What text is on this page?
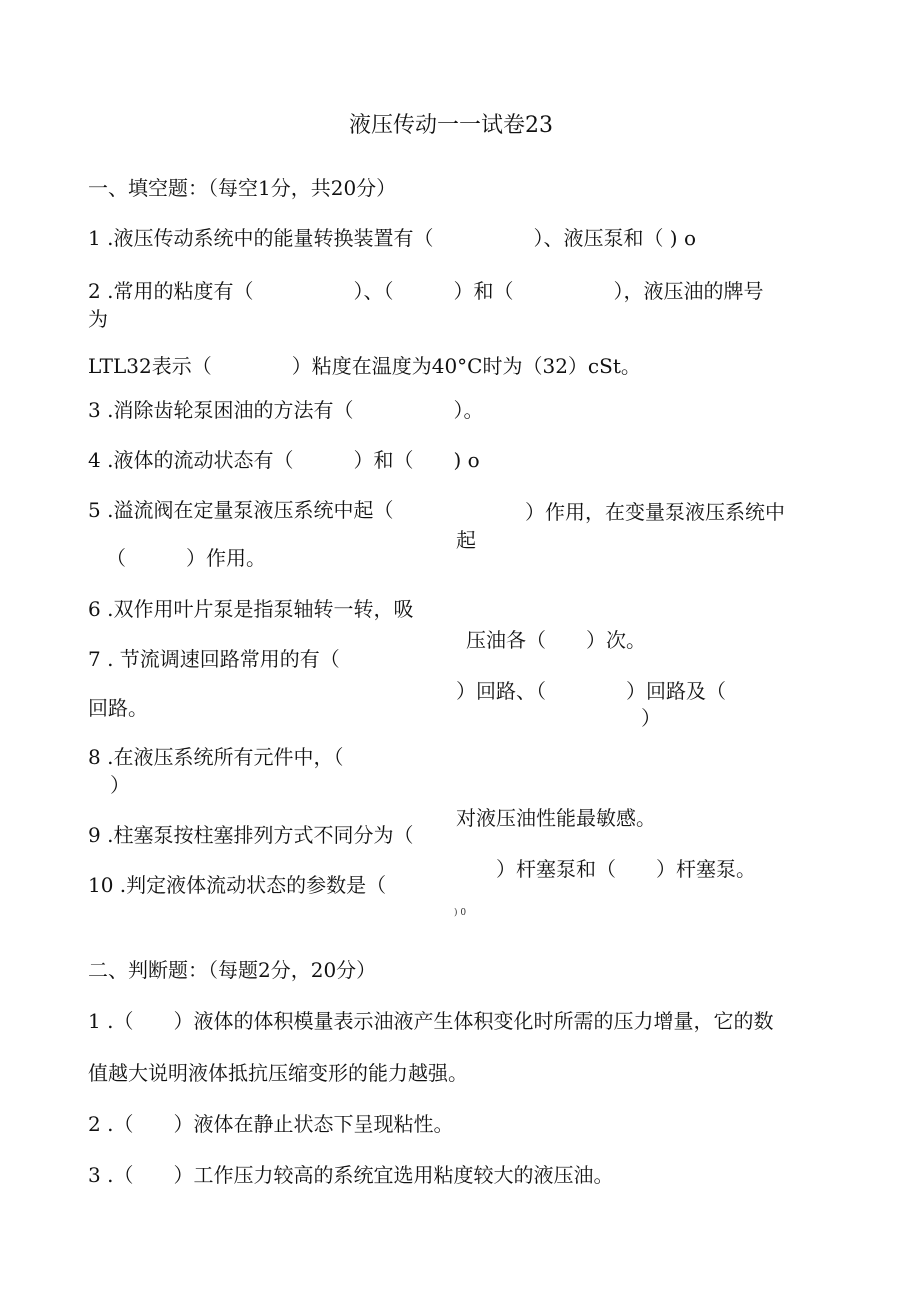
液压传动一一试卷23
一、填空题：（每空1分，共20分）
1 .液压传动系统中的能量转换装置有（　　　　　）、液压泵和（ ) o
2 .常用的粘度有（　　　　　）、（　　　）和（　　　　　），液压油的牌号
为
LTL32表示（　　　　）粘度在温度为40°C时为（32）cSt。
3 .消除齿轮泵困油的方法有（　　　　　）。
4 .液体的流动状态有（　　　）和（　　) o
5 .溢流阀在定量泵液压系统中起（	）作用，在变量泵液压系统中
起
（　　　）作用。
6 .双作用叶片泵是指泵轴转一转，吸
压油各（　　）次。
7 . 节流调速回路常用的有（
）回路、（　　　　）回路及（
回路。	）
8 .在液压系统所有元件中，（
）
对液压油性能最敏感。
9 .柱塞泵按柱塞排列方式不同分为（
）杆塞泵和（　　）杆塞泵。
10 .判定液体流动状态的参数是（
) 0
二、判断题：（每题2分，20分）
1 .（　　）液体的体积模量表示油液产生体积变化时所需的压力增量，它的数
值越大说明液体抵抗压缩变形的能力越强。
2 .（　　）液体在静止状态下呈现粘性。
3 .（　　）工作压力较高的系统宜选用粘度较大的液压油。
